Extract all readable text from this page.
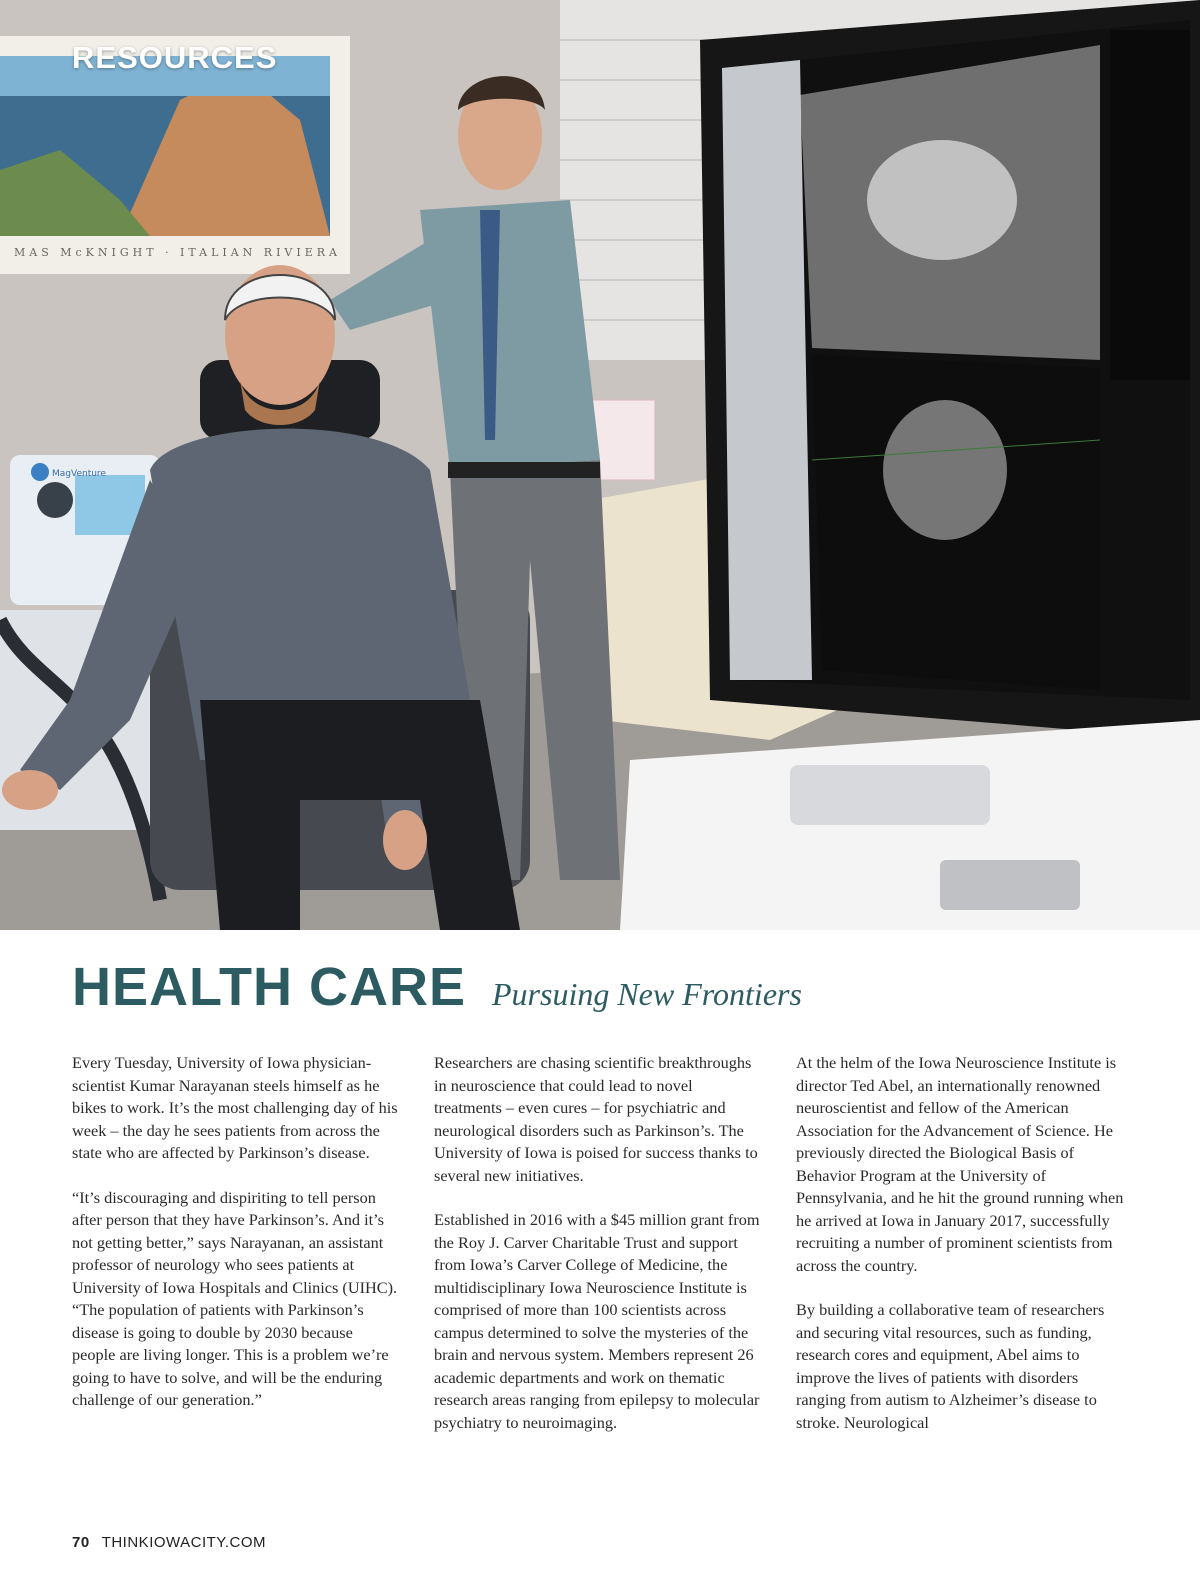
MAS McKNIGHT · ITALIAN RIVIERA
MagVenture

RESOURCES

HEALTH CARE Pursuing New Frontiers

Every Tuesday, University of Iowa physician-scientist Kumar Narayanan steels himself as he bikes to work. It’s the most challenging day of his week – the day he sees patients from across the state who are affected by Parkinson’s disease.

“It’s discouraging and dispiriting to tell person after person that they have Parkinson’s. And it’s not getting better,” says Narayanan, an assistant professor of neurology who sees patients at University of Iowa Hospitals and Clinics (UIHC). “The population of patients with Parkinson’s disease is going to double by 2030 because people are living longer. This is a problem we’re going to have to solve, and will be the enduring challenge of our generation.”

Researchers are chasing scientific breakthroughs in neuroscience that could lead to novel treatments – even cures – for psychiatric and neurological disorders such as Parkinson’s. The University of Iowa is poised for success thanks to several new initiatives.

Established in 2016 with a $45 million grant from the Roy J. Carver Charitable Trust and support from Iowa’s Carver College of Medicine, the multidisciplinary Iowa Neuroscience Institute is comprised of more than 100 scientists across campus determined to solve the mysteries of the brain and nervous system. Members represent 26 academic departments and work on thematic research areas ranging from epilepsy to molecular psychiatry to neuroimaging.

At the helm of the Iowa Neuroscience Institute is director Ted Abel, an internationally renowned neuroscientist and fellow of the American Association for the Advancement of Science. He previously directed the Biological Basis of Behavior Program at the University of Pennsylvania, and he hit the ground running when he arrived at Iowa in January 2017, successfully recruiting a number of prominent scientists from across the country.

By building a collaborative team of researchers and securing vital resources, such as funding, research cores and equipment, Abel aims to improve the lives of patients with disorders ranging from autism to Alzheimer’s disease to stroke. Neurological

70 THINKIOWACITY.COM
